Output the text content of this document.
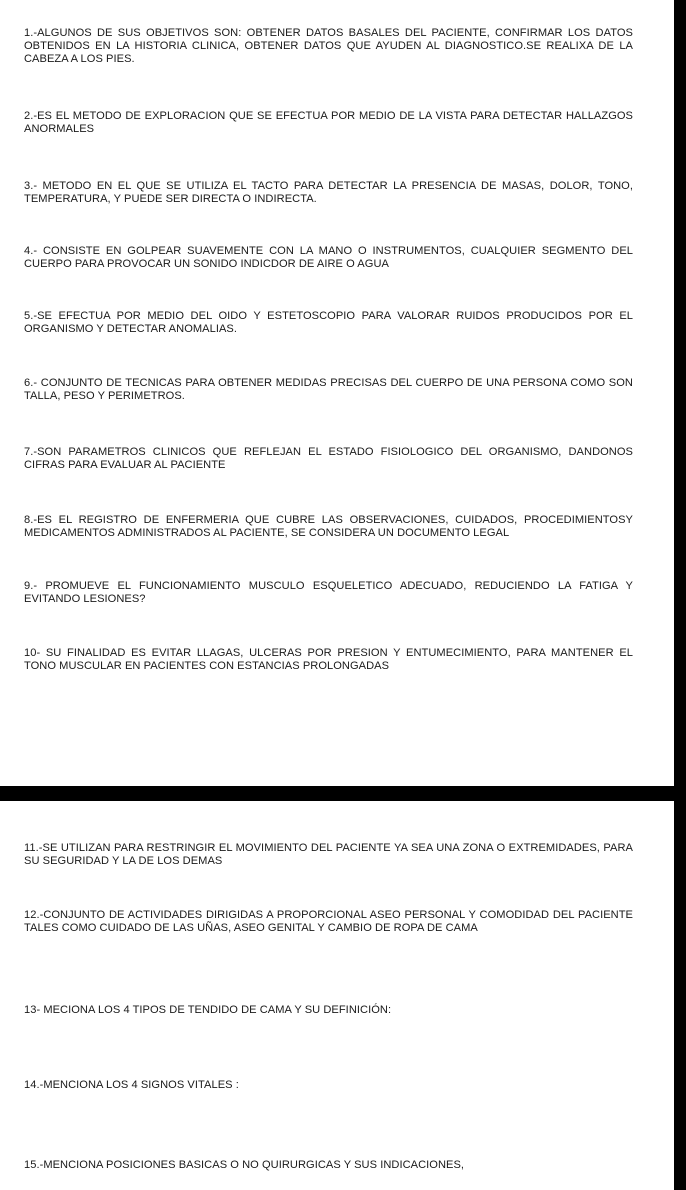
1.-ALGUNOS DE SUS OBJETIVOS SON: OBTENER DATOS BASALES DEL PACIENTE, CONFIRMAR LOS DATOS OBTENIDOS EN LA HISTORIA CLINICA, OBTENER DATOS QUE AYUDEN AL DIAGNOSTICO.SE REALIXA DE LA CABEZA A LOS PIES.

2.-ES EL METODO DE EXPLORACION QUE SE EFECTUA POR MEDIO DE LA VISTA PARA DETECTAR HALLAZGOS ANORMALES

3.- METODO EN EL QUE SE UTILIZA EL TACTO PARA DETECTAR LA PRESENCIA DE MASAS, DOLOR, TONO, TEMPERATURA, Y PUEDE SER DIRECTA O INDIRECTA.

4.- CONSISTE EN GOLPEAR SUAVEMENTE CON LA MANO O INSTRUMENTOS, CUALQUIER SEGMENTO DEL CUERPO PARA PROVOCAR UN SONIDO INDICDOR DE AIRE O AGUA

5.-SE EFECTUA POR MEDIO DEL OIDO Y ESTETOSCOPIO PARA VALORAR RUIDOS PRODUCIDOS POR EL ORGANISMO Y DETECTAR ANOMALIAS.

6.- CONJUNTO DE TECNICAS PARA OBTENER MEDIDAS PRECISAS DEL CUERPO DE UNA PERSONA COMO SON TALLA, PESO Y PERIMETROS.

7.-SON PARAMETROS CLINICOS QUE REFLEJAN EL ESTADO FISIOLOGICO DEL ORGANISMO, DANDONOS CIFRAS PARA EVALUAR AL PACIENTE

8.-ES EL REGISTRO DE ENFERMERIA QUE CUBRE LAS OBSERVACIONES, CUIDADOS, PROCEDIMIENTOSY MEDICAMENTOS ADMINISTRADOS AL PACIENTE, SE CONSIDERA UN DOCUMENTO LEGAL

9.- PROMUEVE EL FUNCIONAMIENTO MUSCULO ESQUELETICO ADECUADO, REDUCIENDO LA FATIGA Y EVITANDO LESIONES?

10- SU FINALIDAD ES EVITAR LLAGAS, ULCERAS POR PRESION Y ENTUMECIMIENTO, PARA MANTENER EL TONO MUSCULAR EN PACIENTES CON ESTANCIAS PROLONGADAS

11.-SE UTILIZAN PARA RESTRINGIR EL MOVIMIENTO DEL PACIENTE YA SEA UNA ZONA O EXTREMIDADES, PARA SU SEGURIDAD Y LA DE LOS DEMAS

12.-CONJUNTO DE ACTIVIDADES DIRIGIDAS A PROPORCIONAL ASEO PERSONAL Y COMODIDAD DEL PACIENTE TALES COMO CUIDADO DE LAS UÑAS, ASEO GENITAL Y CAMBIO DE ROPA DE CAMA

13- MECIONA LOS 4 TIPOS DE TENDIDO DE CAMA Y SU DEFINICIÓN:

14.-MENCIONA LOS 4 SIGNOS VITALES :

15.-MENCIONA POSICIONES BASICAS O NO QUIRURGICAS Y SUS INDICACIONES,
